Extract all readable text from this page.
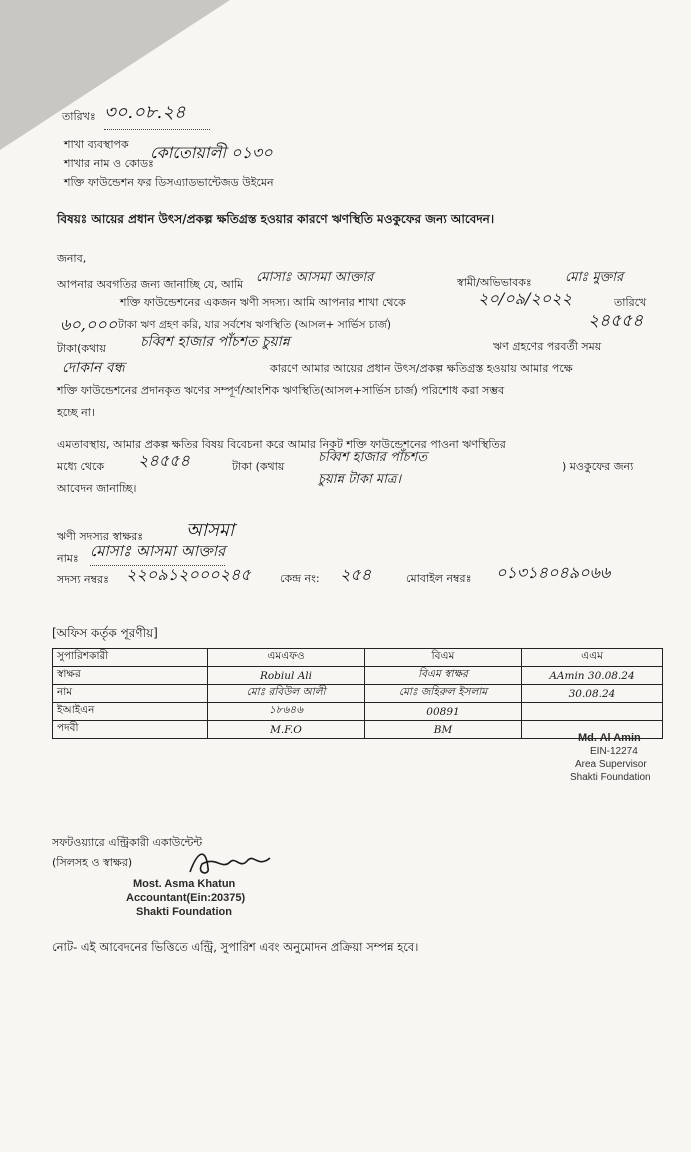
তারিখঃ ৩০.০৮.২৪
শাখা ব্যবস্থাপক
শাখার নাম ও কোডঃ
কোতোয়ালী ০১৩০
শক্তি ফাউন্ডেশন ফর ডিসএ্যাডভান্টেজড উইমেন
বিষয়ঃ আয়ের প্রধান উৎস/প্রকল্প ক্ষতিগ্রস্ত হওয়ার কারণে ঋণস্থিতি মওকুফের জন্য আবেদন।
জনাব,
আপনার অবগতির জন্য জানাচ্ছি যে, আমি মোসাঃ আসমা আক্তার	স্বামী/অভিভাবকঃ	মোঃ মুক্তার
শক্তি ফাউন্ডেশনের একজন ঋণী সদস্য। আমি আপনার শাখা থেকে	২০/০৯/২০২২	তারিখে
৬০,০০০ টাকা ঋণ গ্রহণ করি, যার সর্বশেষ ঋণস্থিতি (আসল+ সার্ভিস চার্জ)	২৪৫৫৪
টাকা(কথায় চব্বিশ হাজার পাঁচশত চুয়ান্ন	ঋণ গ্রহণের পরবর্তী সময়
দোকান বন্ধ	কারণে আমার আয়ের প্রধান উৎস/প্রকল্প ক্ষতিগ্রস্ত হওয়ায় আমার পক্ষে
শক্তি ফাউন্ডেশনের প্রদানকৃত ঋণের সম্পূর্ণ/আংশিক ঋণস্থিতি(আসল+সার্ভিস চার্জ) পরিশোধ করা সম্ভব
হচ্ছে না।
এমতাবস্থায়, আমার প্রকল্প ক্ষতির বিষয় বিবেচনা করে আমার নিকট শক্তি ফাউন্ডেশনের পাওনা ঋণস্থিতির
মধ্যে থেকে ২৪৫৫৪	টাকা (কথায়
চব্বিশ হাজার পাঁচশত
) মওকুফের জন্য
আবেদন জানাচ্ছি।
চুয়ান্ন টাকা মাত্র।
ঋণী সদস্যর স্বাক্ষরঃ আসমা
নামঃ মোসাঃ আসমা আক্তার
সদস্য নম্বরঃ ২২০৯১২০০০২৪৫	কেন্দ্র নং: ২৫৪	মোবাইল নম্বরঃ ০১৩১৪০৪৯০৬৬
[অফিস কর্তৃক পূরণীয়]
সুপারিশকারী	এমএফও	বিএম	এএম
স্বাক্ষর	Robiul Ali	বিএম স্বাক্ষর	AAmin 30.08.24
নাম	মোঃ রবিউল আলী	মোঃ জহিরুল ইসলাম	30.08.24
ইআইএন	১৮৬৪৬	00891	
পদবী	M.F.O	BM	
Md. Al Amin
EIN-12274
Area Supervisor
Shakti Foundation
সফটওয়্যারে এন্ট্রিকারী একাউন্টেন্ট
(সিলসহ ও স্বাক্ষর)
Most. Asma Khatun
Accountant(Ein:20375)
Shakti Foundation
নোট- এই আবেদনের ভিত্তিতে এন্ট্রি, সুপারিশ এবং অনুমোদন প্রক্রিয়া সম্পন্ন হবে।
